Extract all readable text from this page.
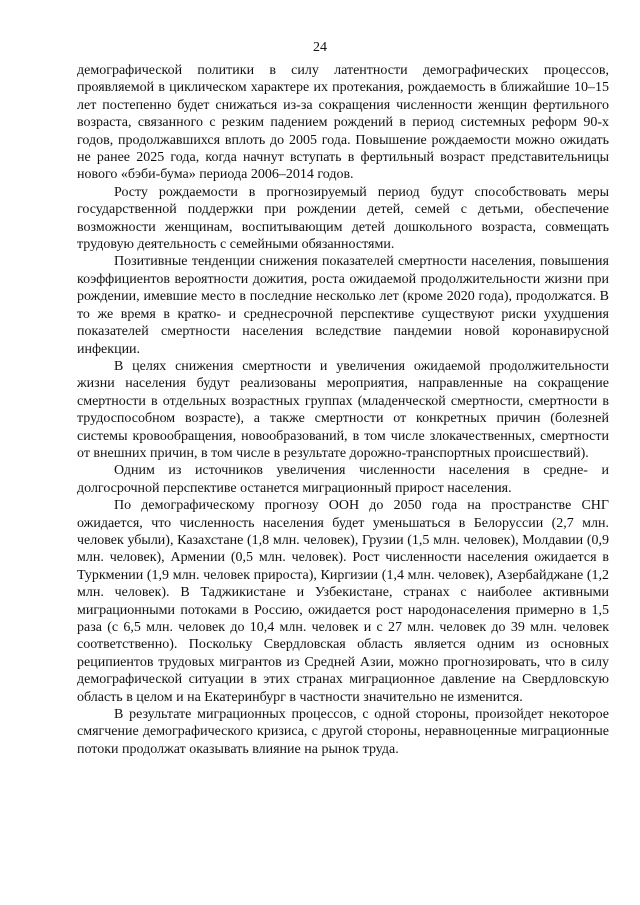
24

демографической политики в силу латентности демографических процессов, проявляемой в цикличeском характере их протекания, рождаемость в ближайшие 10–15 лет постепенно будет снижаться из-за сокращения численности женщин фертильного возраста, связанного с резким падением рождений в период системных реформ 90-х годов, продолжавшихся вплоть до 2005 года. Повышение рождаемости можно ожидать не ранее 2025 года, когда начнут вступать в фертильный возраст представительницы нового «бэби-бума» периода 2006–2014 годов.

Росту рождаемости в прогнозируемый период будут способствовать меры государственной поддержки при рождении детей, семей с детьми, обеспечение возможности женщинам, воспитывающим детей дошкольного возраста, совмещать трудовую деятельность с семейными обязанностями.

Позитивные тенденции снижения показателей смертности населения, повышения коэффициентов вероятности дожития, роста ожидаемой продолжительности жизни при рождении, имевшие место в последние несколько лет (кроме 2020 года), продолжатся. В то же время в кратко- и среднесрочной перспективе существуют риски ухудшения показателей смертности населения вследствие пандемии новой коронавирусной инфекции.

В целях снижения смертности и увеличения ожидаемой продолжительности жизни населения будут реализованы мероприятия, направленные на сокращение смертности в отдельных возрастных группах (младенческой смертности, смертности в трудоспособном возрасте), а также смертности от конкретных причин (болезней системы кровообращения, новообразований, в том числе злокачественных, смертности от внешних причин, в том числе в результате дорожно-транспортных происшествий).

Одним из источников увеличения численности населения в средне- и долгосрочной перспективе останется миграционный прирост населения.

По демографическому прогнозу ООН до 2050 года на пространстве СНГ ожидается, что численность населения будет уменьшаться в Белоруссии (2,7 млн. человек убыли), Казахстане (1,8 млн. человек), Грузии (1,5 млн. человек), Молдавии (0,9 млн. человек), Армении (0,5 млн. человек). Рост численности населения ожидается в Туркмении (1,9 млн. человек прироста), Киргизии (1,4 млн. человек), Азербайджане (1,2 млн. человек). В Таджикистане и Узбекистане, странах с наиболее активными миграционными потоками в Россию, ожидается рост народонаселения примерно в 1,5 раза (с 6,5 млн. человек до 10,4 млн. человек и с 27 млн. человек до 39 млн. человек соответственно). Поскольку Свердловская область является одним из основных реципиентов трудовых мигрантов из Средней Азии, можно прогнозировать, что в силу демографической ситуации в этих странах миграционное давление на Свердловскую область в целом и на Екатеринбург в частности значительно не изменится.

В результате миграционных процессов, с одной стороны, произойдет некоторое смягчение демографического кризиса, с другой стороны, неравноценные миграционные потоки продолжат оказывать влияние на рынок труда.
